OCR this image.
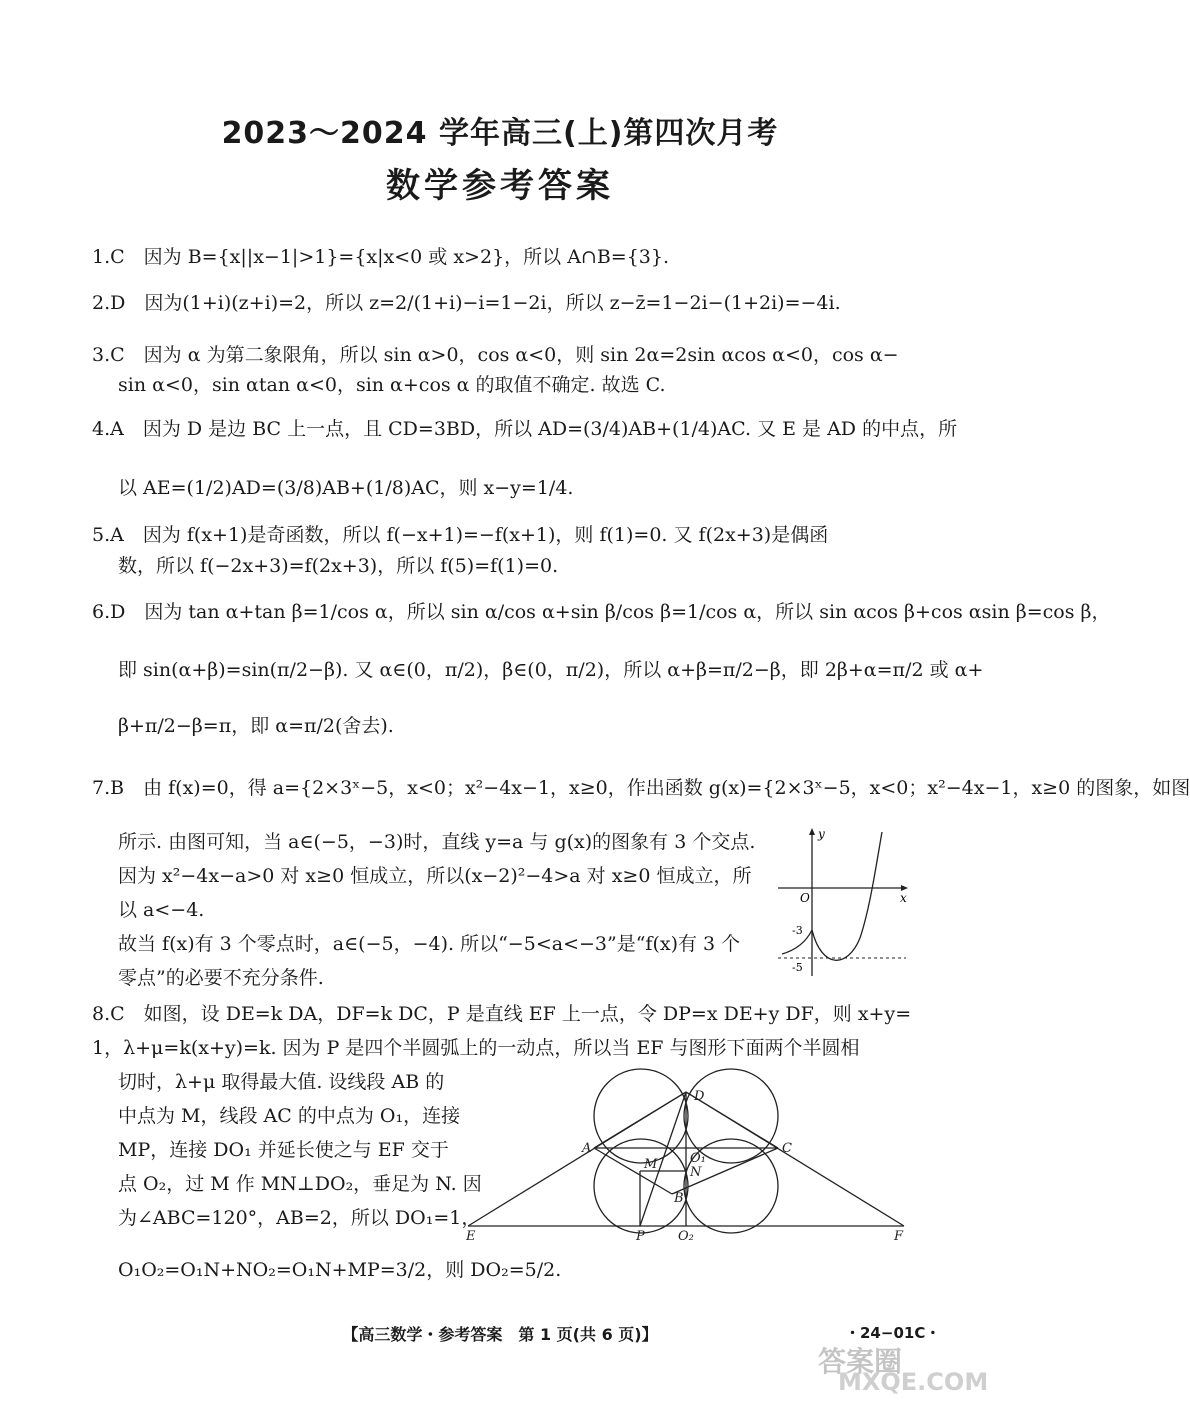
2023～2024 学年高三(上)第四次月考
数学参考答案
1.C　因为 B={x||x−1|>1}={x|x<0 或 x>2}，所以 A∩B={3}.
2.D　因为(1+i)(z+i)=2，所以 z=2/(1+i)−i=1−2i，所以 z−z̄=1−2i−(1+2i)=−4i.
3.C　因为 α 为第二象限角，所以 sin α>0，cos α<0，则 sin 2α=2sin αcos α<0，cos α−
sin α<0，sin αtan α<0，sin α+cos α 的取值不确定. 故选 C.
4.A　因为 D 是边 BC 上一点，且 CD=3BD，所以 AD=(3/4)AB+(1/4)AC. 又 E 是 AD 的中点，所
以 AE=(1/2)AD=(3/8)AB+(1/8)AC，则 x−y=1/4.
5.A　因为 f(x+1)是奇函数，所以 f(−x+1)=−f(x+1)，则 f(1)=0. 又 f(2x+3)是偶函
数，所以 f(−2x+3)=f(2x+3)，所以 f(5)=f(1)=0.
6.D　因为 tan α+tan β=1/cos α，所以 sin α/cos α+sin β/cos β=1/cos α，所以 sin αcos β+cos αsin β=cos β，
即 sin(α+β)=sin(π/2−β). 又 α∈(0，π/2)，β∈(0，π/2)，所以 α+β=π/2−β，即 2β+α=π/2 或 α+
β+π/2−β=π，即 α=π/2(舍去).
7.B　由 f(x)=0，得 a={2×3ˣ−5，x<0；x²−4x−1，x≥0，作出函数 g(x)={2×3ˣ−5，x<0；x²−4x−1，x≥0 的图象，如图
所示. 由图可知，当 a∈(−5，−3)时，直线 y=a 与 g(x)的图象有 3 个交点.
因为 x²−4x−a>0 对 x≥0 恒成立，所以(x−2)²−4>a 对 x≥0 恒成立，所
以 a<−4.
故当 f(x)有 3 个零点时，a∈(−5，−4). 所以“−5<a<−3”是“f(x)有 3 个
零点”的必要不充分条件.
8.C　如图，设 DE=k DA，DF=k DC，P 是直线 EF 上一点，令 DP=x DE+y DF，则 x+y=
1，λ+μ=k(x+y)=k. 因为 P 是四个半圆弧上的一动点，所以当 EF 与图形下面两个半圆相
切时，λ+μ 取得最大值. 设线段 AB 的
中点为 M，线段 AC 的中点为 O₁，连接
MP，连接 DO₁ 并延长使之与 EF 交于
点 O₂，过 M 作 MN⊥DO₂，垂足为 N. 因
为∠ABC=120°，AB=2，所以 DO₁=1，
O₁O₂=O₁N+NO₂=O₁N+MP=3/2，则 DO₂=5/2.
y
x
O
-3
-5
A
B
C
D
E	F
M
N
P
O₁
O₂
【高三数学・参考答案　第 1 页(共 6 页)】	・24−01C・
答案圈
MXQE.COM
